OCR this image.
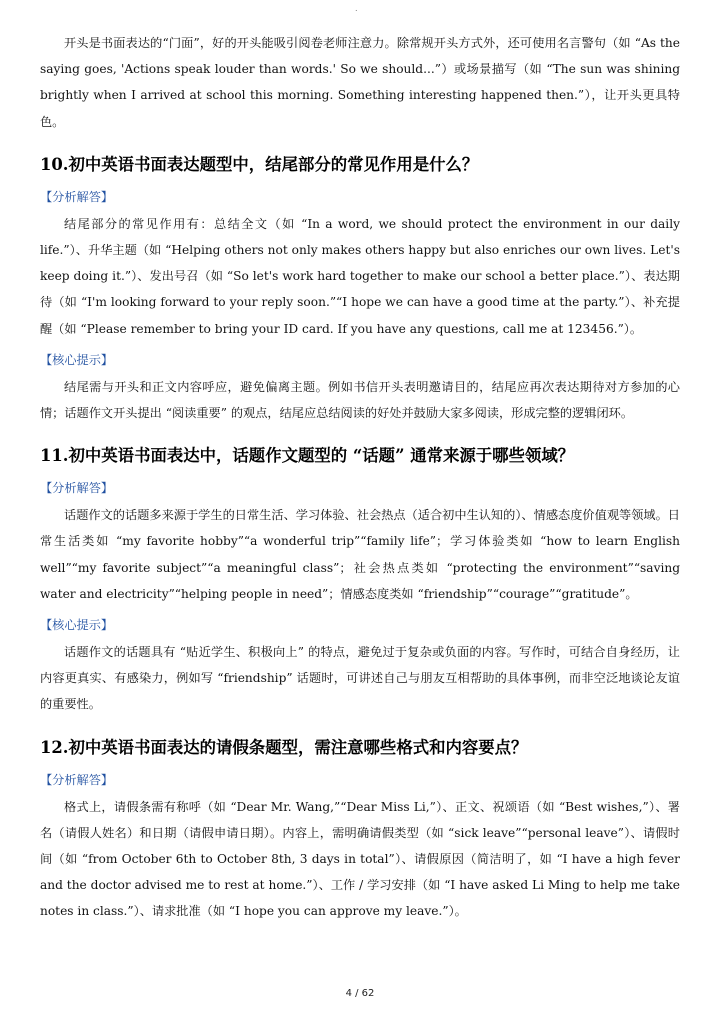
.

开头是书面表达的“门面”，好的开头能吸引阅卷老师注意力。除常规开头方式外，还可使用名言警句（如 “As the saying goes, 'Actions speak louder than words.' So we should...”）或场景描写（如 “The sun was shining brightly when I arrived at school this morning. Something interesting happened then.”），让开头更具特色。

10.初中英语书面表达题型中，结尾部分的常见作用是什么？
【分析解答】

结尾部分的常见作用有：总结全文（如 “In a word, we should protect the environment in our daily life.”）、升华主题（如 “Helping others not only makes others happy but also enriches our own lives. Let's keep doing it.”）、发出号召（如 “So let's work hard together to make our school a better place.”）、表达期待（如 “I'm looking forward to your reply soon.”“I hope we can have a good time at the party.”）、补充提醒（如 “Please remember to bring your ID card. If you have any questions, call me at 123456.”）。

【核心提示】

结尾需与开头和正文内容呼应，避免偏离主题。例如书信开头表明邀请目的，结尾应再次表达期待对方参加的心情；话题作文开头提出 “阅读重要” 的观点，结尾应总结阅读的好处并鼓励大家多阅读，形成完整的逻辑闭环。

11.初中英语书面表达中，话题作文题型的 “话题” 通常来源于哪些领域？
【分析解答】

话题作文的话题多来源于学生的日常生活、学习体验、社会热点（适合初中生认知的）、情感态度价值观等领域。日常生活类如 “my favorite hobby”“a wonderful trip”“family life”；学习体验类如 “how to learn English well”“my favorite subject”“a meaningful class”；社会热点类如 “protecting the environment”“saving water and electricity”“helping people in need”；情感态度类如 “friendship”“courage”“gratitude”。

【核心提示】

话题作文的话题具有 “贴近学生、积极向上” 的特点，避免过于复杂或负面的内容。写作时，可结合自身经历，让内容更真实、有感染力，例如写 “friendship” 话题时，可讲述自己与朋友互相帮助的具体事例，而非空泛地谈论友谊的重要性。

12.初中英语书面表达的请假条题型，需注意哪些格式和内容要点？
【分析解答】

格式上，请假条需有称呼（如 “Dear Mr. Wang,”“Dear Miss Li,”）、正文、祝颂语（如 “Best wishes,”）、署名（请假人姓名）和日期（请假申请日期）。内容上，需明确请假类型（如 “sick leave”“personal leave”）、请假时间（如 “from October 6th to October 8th, 3 days in total”）、请假原因（简洁明了，如 “I have a high fever and the doctor advised me to rest at home.”）、工作 / 学习安排（如 “I have asked Li Ming to help me take notes in class.”）、请求批准（如 “I hope you can approve my leave.”）。

4 / 62
